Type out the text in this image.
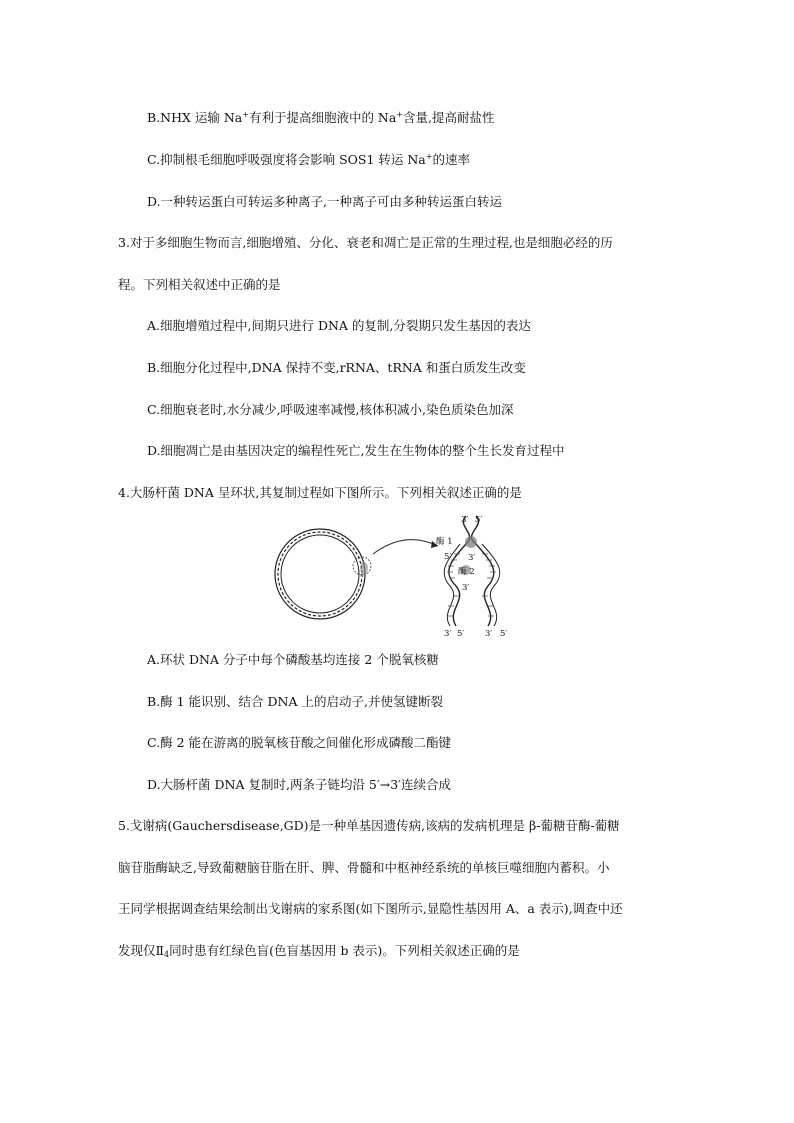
B.NHX 运输 Na+有利于提高细胞液中的 Na+含量,提高耐盐性
C.抑制根毛细胞呼吸强度将会影响 SOS1 转运 Na+的速率
D.一种转运蛋白可转运多种离子,一种离子可由多种转运蛋白转运
3.对于多细胞生物而言,细胞增殖、分化、衰老和凋亡是正常的生理过程,也是细胞必经的历
程。下列相关叙述中正确的是
A.细胞增殖过程中,间期只进行 DNA 的复制,分裂期只发生基因的表达
B.细胞分化过程中,DNA 保持不变,rRNA、tRNA 和蛋白质发生改变
C.细胞衰老时,水分减少,呼吸速率减慢,核体积减小,染色质染色加深
D.细胞凋亡是由基因决定的编程性死亡,发生在生物体的整个生长发育过程中
4.大肠杆菌 DNA 呈环状,其复制过程如下图所示。下列相关叙述正确的是
3′ 5′
酶 1
5′ 3′
酶 2
3′
3′ 5′ 3′ 5′
A.环状 DNA 分子中每个磷酸基均连接 2 个脱氧核糖
B.酶 1 能识别、结合 DNA 上的启动子,并使氢键断裂
C.酶 2 能在游离的脱氧核苷酸之间催化形成磷酸二酯键
D.大肠杆菌 DNA 复制时,两条子链均沿 5′→3′连续合成
5.戈谢病(Gauchersdisease,GD)是一种单基因遗传病,该病的发病机理是 β-葡糖苷酶-葡糖
脑苷脂酶缺乏,导致葡糖脑苷脂在肝、脾、骨髓和中枢神经系统的单核巨噬细胞内蓄积。小
王同学根据调查结果绘制出戈谢病的家系图(如下图所示,显隐性基因用 A、a 表示),调查中还
发现仅$Ⅱ_4$同时患有红绿色盲(色盲基因用 b 表示)。下列相关叙述正确的是
